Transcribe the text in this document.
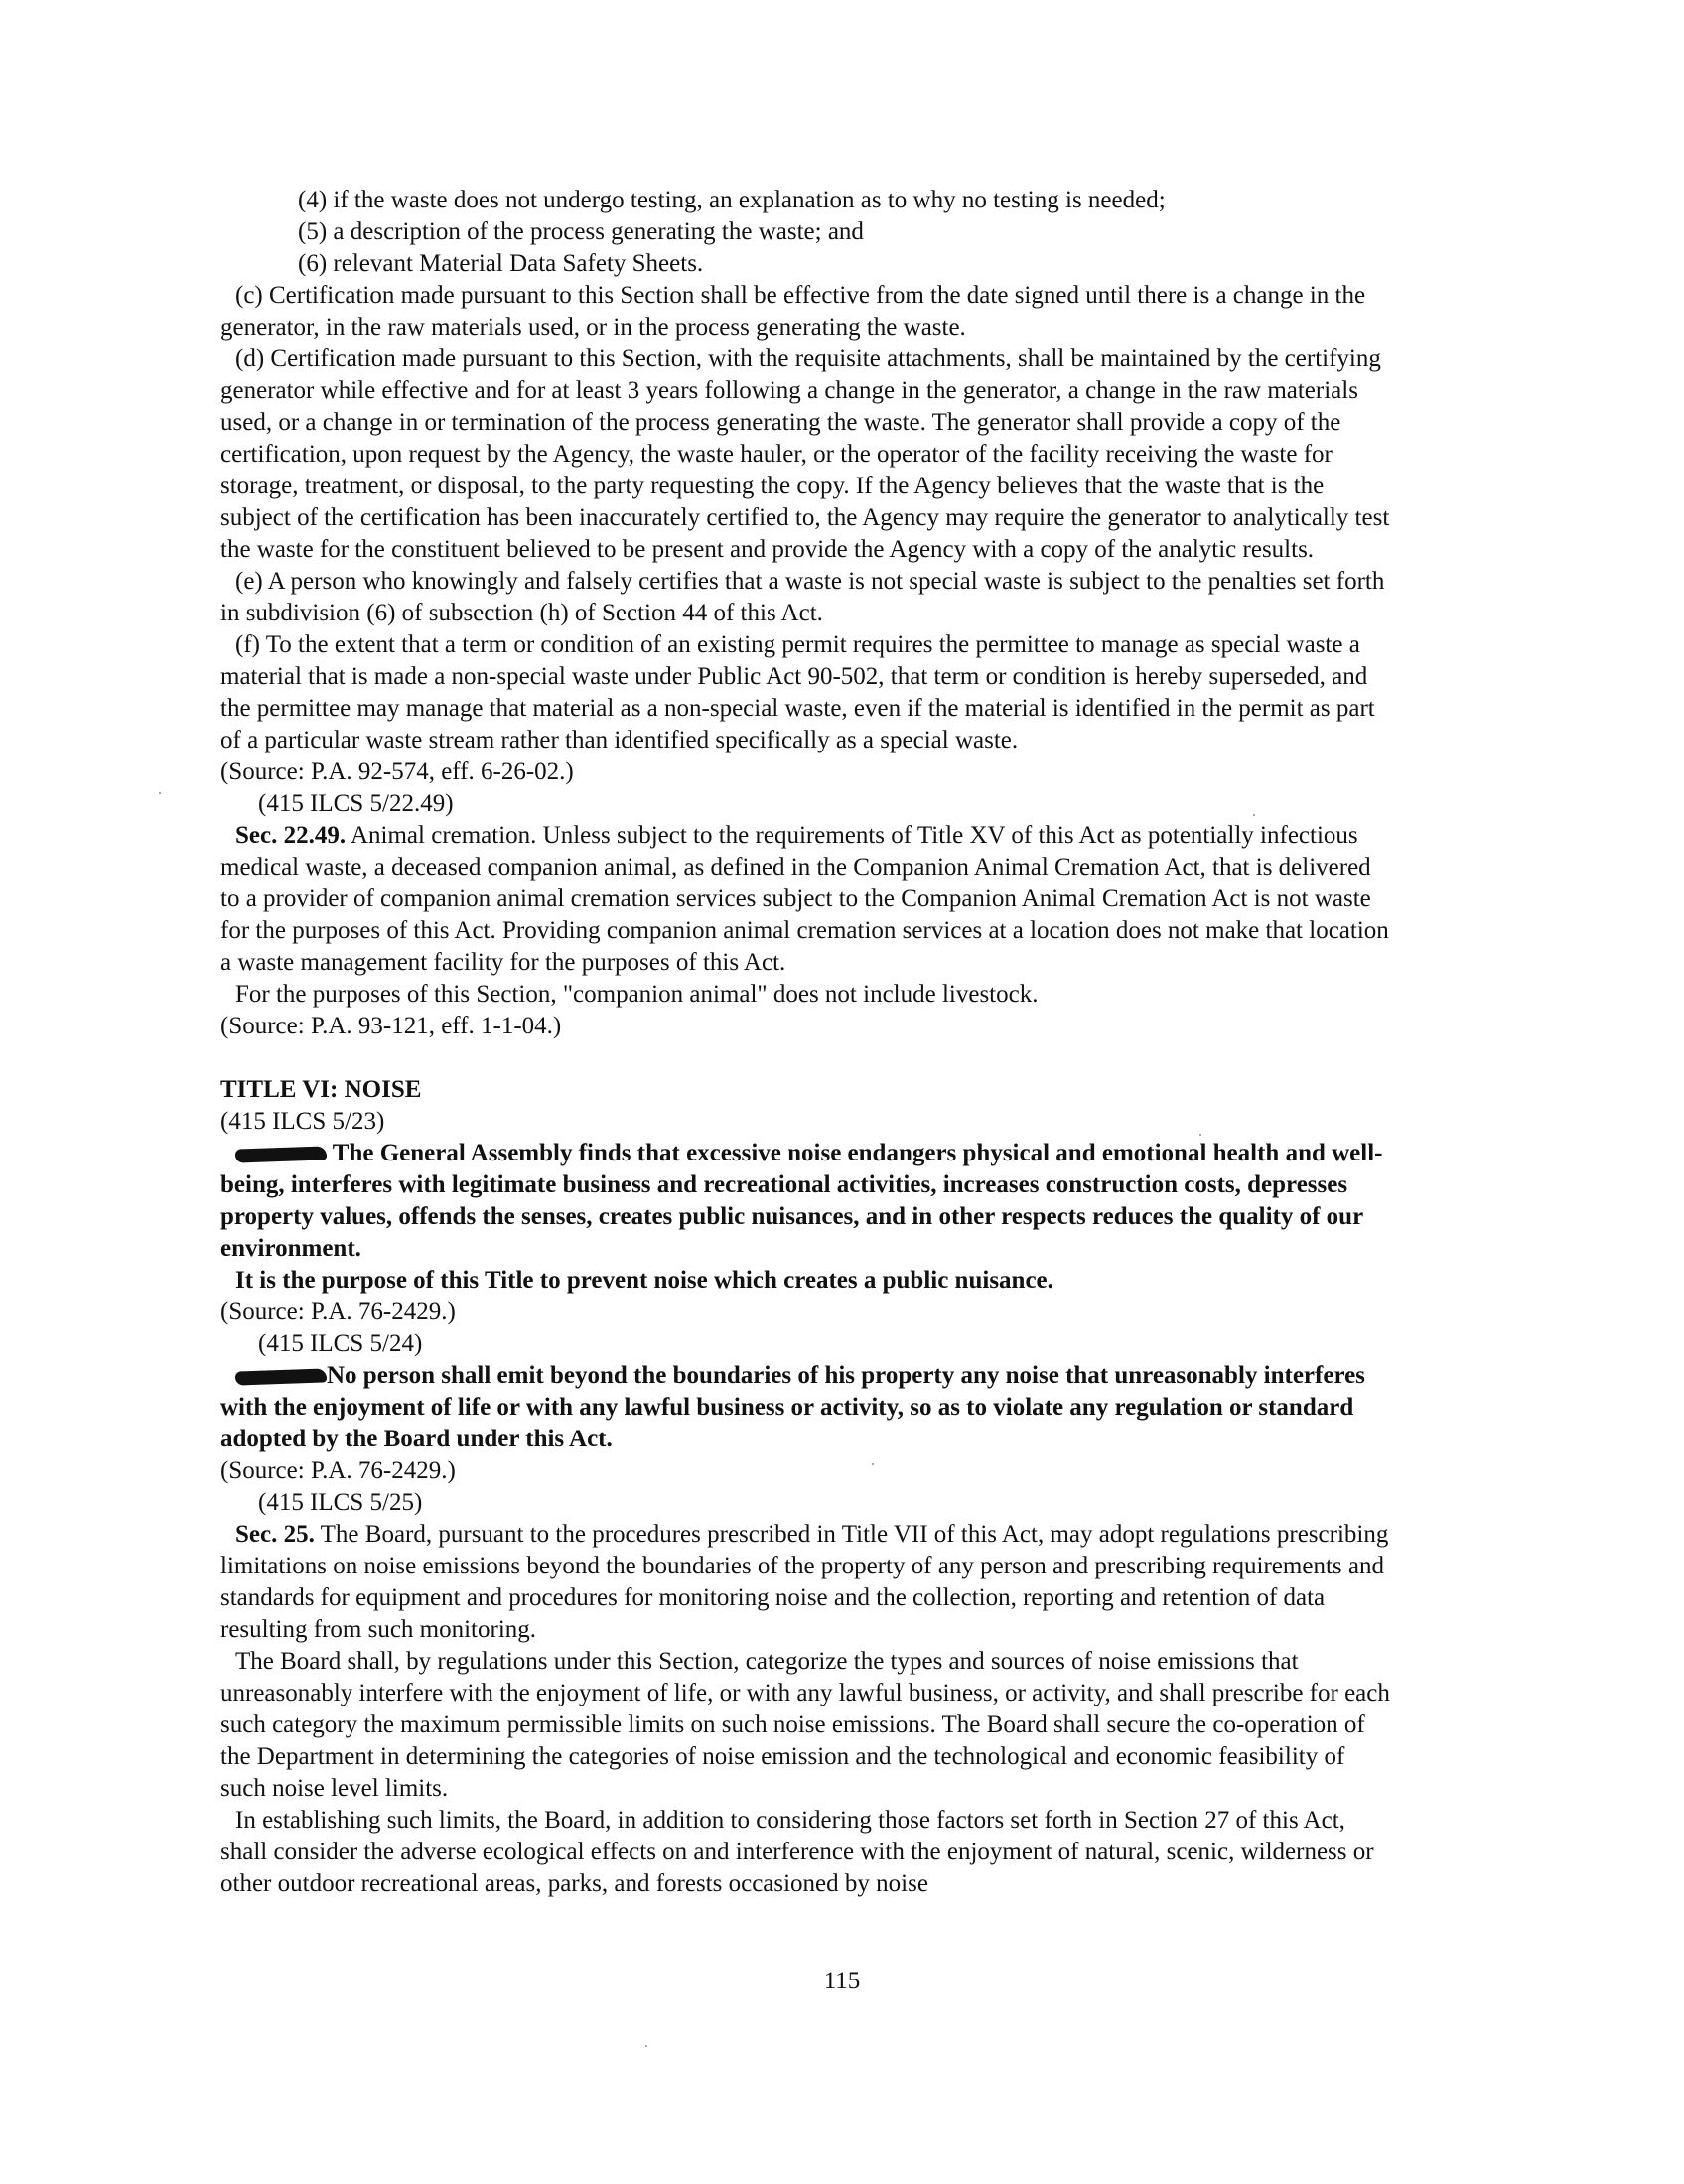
(4) if the waste does not undergo testing, an explanation as to why no testing is needed;

(5) a description of the process generating the waste; and

(6) relevant Material Data Safety Sheets.

(c) Certification made pursuant to this Section shall be effective from the date signed until there is a change in the generator, in the raw materials used, or in the process generating the waste.

(d) Certification made pursuant to this Section, with the requisite attachments, shall be maintained by the certifying generator while effective and for at least 3 years following a change in the generator, a change in the raw materials used, or a change in or termination of the process generating the waste. The generator shall provide a copy of the certification, upon request by the Agency, the waste hauler, or the operator of the facility receiving the waste for storage, treatment, or disposal, to the party requesting the copy. If the Agency believes that the waste that is the subject of the certification has been inaccurately certified to, the Agency may require the generator to analytically test the waste for the constituent believed to be present and provide the Agency with a copy of the analytic results.

(e) A person who knowingly and falsely certifies that a waste is not special waste is subject to the penalties set forth in subdivision (6) of subsection (h) of Section 44 of this Act.

(f) To the extent that a term or condition of an existing permit requires the permittee to manage as special waste a material that is made a non-special waste under Public Act 90-502, that term or condition is hereby superseded, and the permittee may manage that material as a non-special waste, even if the material is identified in the permit as part of a particular waste stream rather than identified specifically as a special waste.

(Source: P.A. 92-574, eff. 6-26-02.)

(415 ILCS 5/22.49)

Sec. 22.49. Animal cremation. Unless subject to the requirements of Title XV of this Act as potentially infectious medical waste, a deceased companion animal, as defined in the Companion Animal Cremation Act, that is delivered to a provider of companion animal cremation services subject to the Companion Animal Cremation Act is not waste for the purposes of this Act. Providing companion animal cremation services at a location does not make that location a waste management facility for the purposes of this Act.

For the purposes of this Section, "companion animal" does not include livestock.

(Source: P.A. 93-121, eff. 1-1-04.)

TITLE VI: NOISE

(415 ILCS 5/23)

The General Assembly finds that excessive noise endangers physical and emotional health and well-being, interferes with legitimate business and recreational activities, increases construction costs, depresses property values, offends the senses, creates public nuisances, and in other respects reduces the quality of our environment.

It is the purpose of this Title to prevent noise which creates a public nuisance.

(Source: P.A. 76-2429.)

(415 ILCS 5/24)

No person shall emit beyond the boundaries of his property any noise that unreasonably interferes with the enjoyment of life or with any lawful business or activity, so as to violate any regulation or standard adopted by the Board under this Act.

(Source: P.A. 76-2429.)

(415 ILCS 5/25)

Sec. 25. The Board, pursuant to the procedures prescribed in Title VII of this Act, may adopt regulations prescribing limitations on noise emissions beyond the boundaries of the property of any person and prescribing requirements and standards for equipment and procedures for monitoring noise and the collection, reporting and retention of data resulting from such monitoring.

The Board shall, by regulations under this Section, categorize the types and sources of noise emissions that unreasonably interfere with the enjoyment of life, or with any lawful business, or activity, and shall prescribe for each such category the maximum permissible limits on such noise emissions. The Board shall secure the co-operation of the Department in determining the categories of noise emission and the technological and economic feasibility of such noise level limits.

In establishing such limits, the Board, in addition to considering those factors set forth in Section 27 of this Act, shall consider the adverse ecological effects on and interference with the enjoyment of natural, scenic, wilderness or other outdoor recreational areas, parks, and forests occasioned by noise

115
